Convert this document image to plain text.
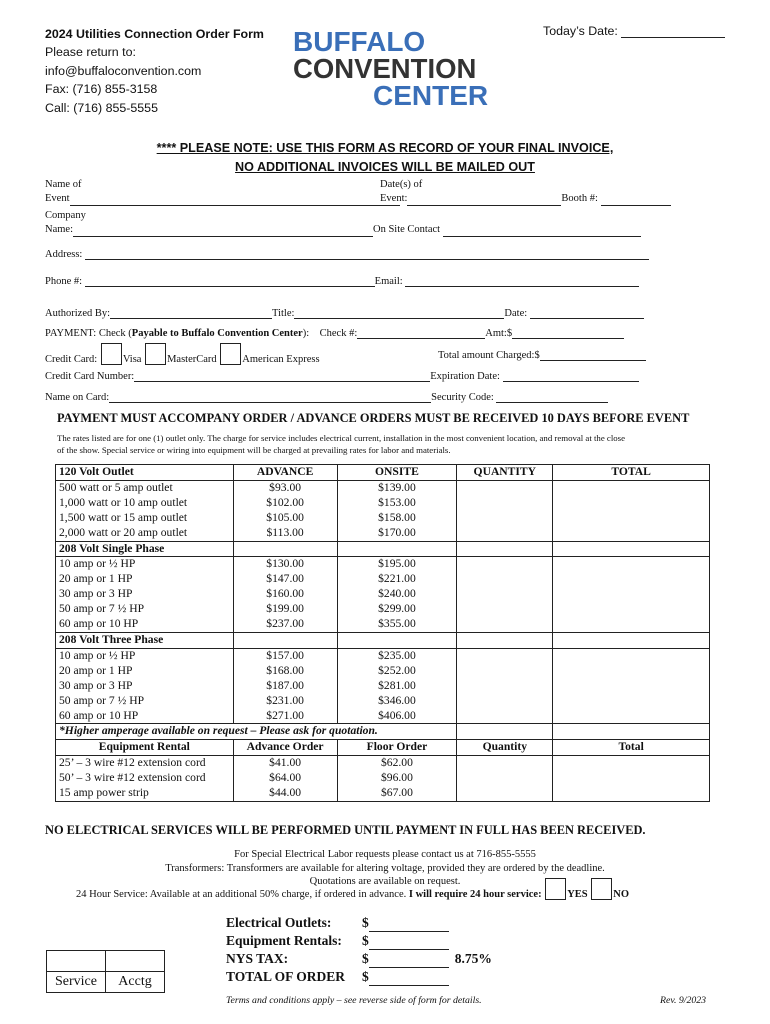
2024 Utilities Connection Order Form
Please return to:
info@buffaloconvention.com
Fax: (716) 855-3158
Call: (716) 855-5555
BUFFALO
CONVENTION
CENTER
Today’s Date:
**** PLEASE NOTE: USE THIS FORM AS RECORD OF YOUR FINAL INVOICE,
NO ADDITIONAL INVOICES WILL BE MAILED OUT
Name of
Event
Date(s) of
Event:	Booth #:
Company
Name:	On Site Contact
Address:
Phone #:	Email:
Authorized By:	Title:	Date:
PAYMENT: Check (Payable to Buffalo Convention Center): Check #:	Amt:$
Credit Card: Visa MasterCard American Express	Total amount Charged:$
Credit Card Number:	Expiration Date:
Name on Card:	Security Code:
PAYMENT MUST ACCOMPANY ORDER / ADVANCE ORDERS MUST BE RECEIVED 10 DAYS BEFORE EVENT
The rates listed are for one (1) outlet only. The charge for service includes electrical current, installation in the most convenient location, and removal at the close
of the show. Special service or wiring into equipment will be charged at prevailing rates for labor and materials.
120 Volt Outlet	ADVANCE	ONSITE	QUANTITY	TOTAL
500 watt or 5 amp outlet	$93.00	$139.00		
1,000 watt or 10 amp outlet	$102.00	$153.00		
1,500 watt or 15 amp outlet	$105.00	$158.00		
2,000 watt or 20 amp outlet	$113.00	$170.00		
208 Volt Single Phase				
10 amp or ½ HP	$130.00	$195.00		
20 amp or 1 HP	$147.00	$221.00		
30 amp or 3 HP	$160.00	$240.00		
50 amp or 7 ½ HP	$199.00	$299.00		
60 amp or 10 HP	$237.00	$355.00		
208 Volt Three Phase				
10 amp or ½ HP	$157.00	$235.00		
20 amp or 1 HP	$168.00	$252.00		
30 amp or 3 HP	$187.00	$281.00		
50 amp or 7 ½ HP	$231.00	$346.00		
60 amp or 10 HP	$271.00	$406.00		
*Higher amperage available on request – Please ask for quotation.				
Equipment Rental	Advance Order	Floor Order	Quantity	Total
25’ – 3 wire #12 extension cord	$41.00	$62.00		
50’ – 3 wire #12 extension cord	$64.00	$96.00		
15 amp power strip	$44.00	$67.00		
NO ELECTRICAL SERVICES WILL BE PERFORMED UNTIL PAYMENT IN FULL HAS BEEN RECEIVED.
For Special Electrical Labor requests please contact us at 716-855-5555
Transformers: Transformers are available for altering voltage, provided they are ordered by the deadline.
Quotations are available on request.
24 Hour Service: Available at an additional 50% charge, if ordered in advance. I will require 24 hour service: YES NO
Electrical Outlets:	$		
Equipment Rentals:	$		
NYS TAX:	$		8.75%
TOTAL OF ORDER	$		

Service	Acctg
Terms and conditions apply – see reverse side of form for details.	Rev. 9/2023
